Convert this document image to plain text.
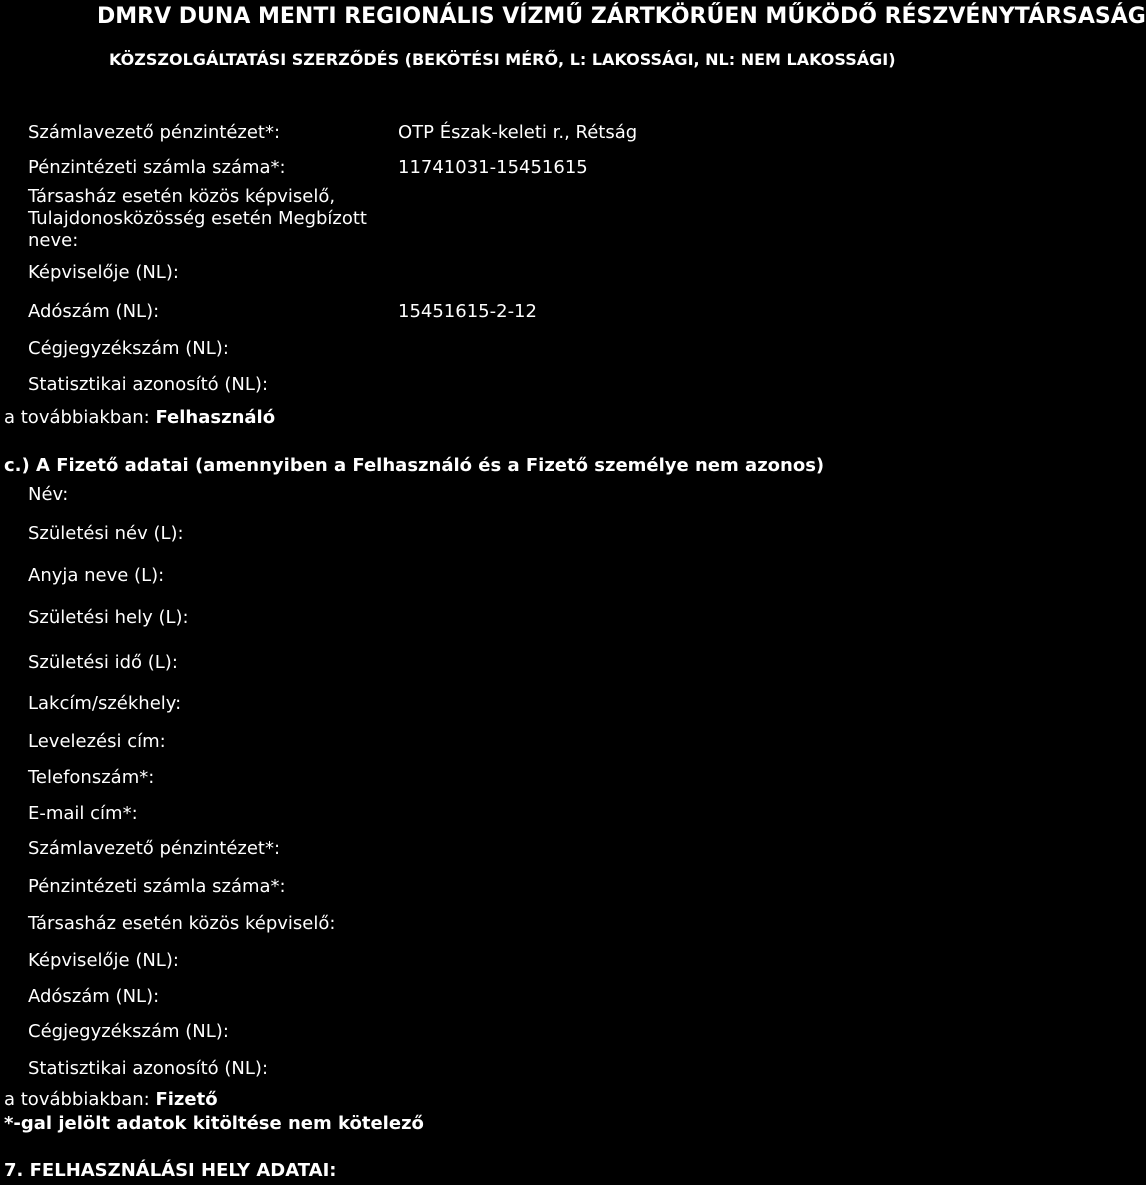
DMRV DUNA MENTI REGIONÁLIS VÍZMŰ ZÁRTKÖRŰEN MŰKÖDŐ RÉSZVÉNYTÁRSASÁG
KÖZSZOLGÁLTATÁSI SZERZŐDÉS (BEKÖTÉSI MÉRŐ, L: LAKOSSÁGI, NL: NEM LAKOSSÁGI)
Számlavezető pénzintézet*:	OTP Észak-keleti r., Rétság
Pénzintézeti számla száma*:	11741031-15451615
Társasház esetén közös képviselő, Tulajdonosközösség esetén Megbízott neve:
Képviselője (NL):
Adószám (NL):	15451615-2-12
Cégjegyzékszám (NL):
Statisztikai azonosító (NL):
a továbbiakban: Felhasználó
c.) A Fizető adatai (amennyiben a Felhasználó és a Fizető személye nem azonos)
Név:
Születési név (L):
Anyja neve (L):
Születési hely (L):
Születési idő (L):
Lakcím/székhely:
Levelezési cím:
Telefonszám*:
E-mail cím*:
Számlavezető pénzintézet*:
Pénzintézeti számla száma*:
Társasház esetén közös képviselő:
Képviselője (NL):
Adószám (NL):
Cégjegyzékszám (NL):
Statisztikai azonosító (NL):
a továbbiakban: Fizető
*-gal jelölt adatok kitöltése nem kötelező
7. FELHASZNÁLÁSI HELY ADATAI:
